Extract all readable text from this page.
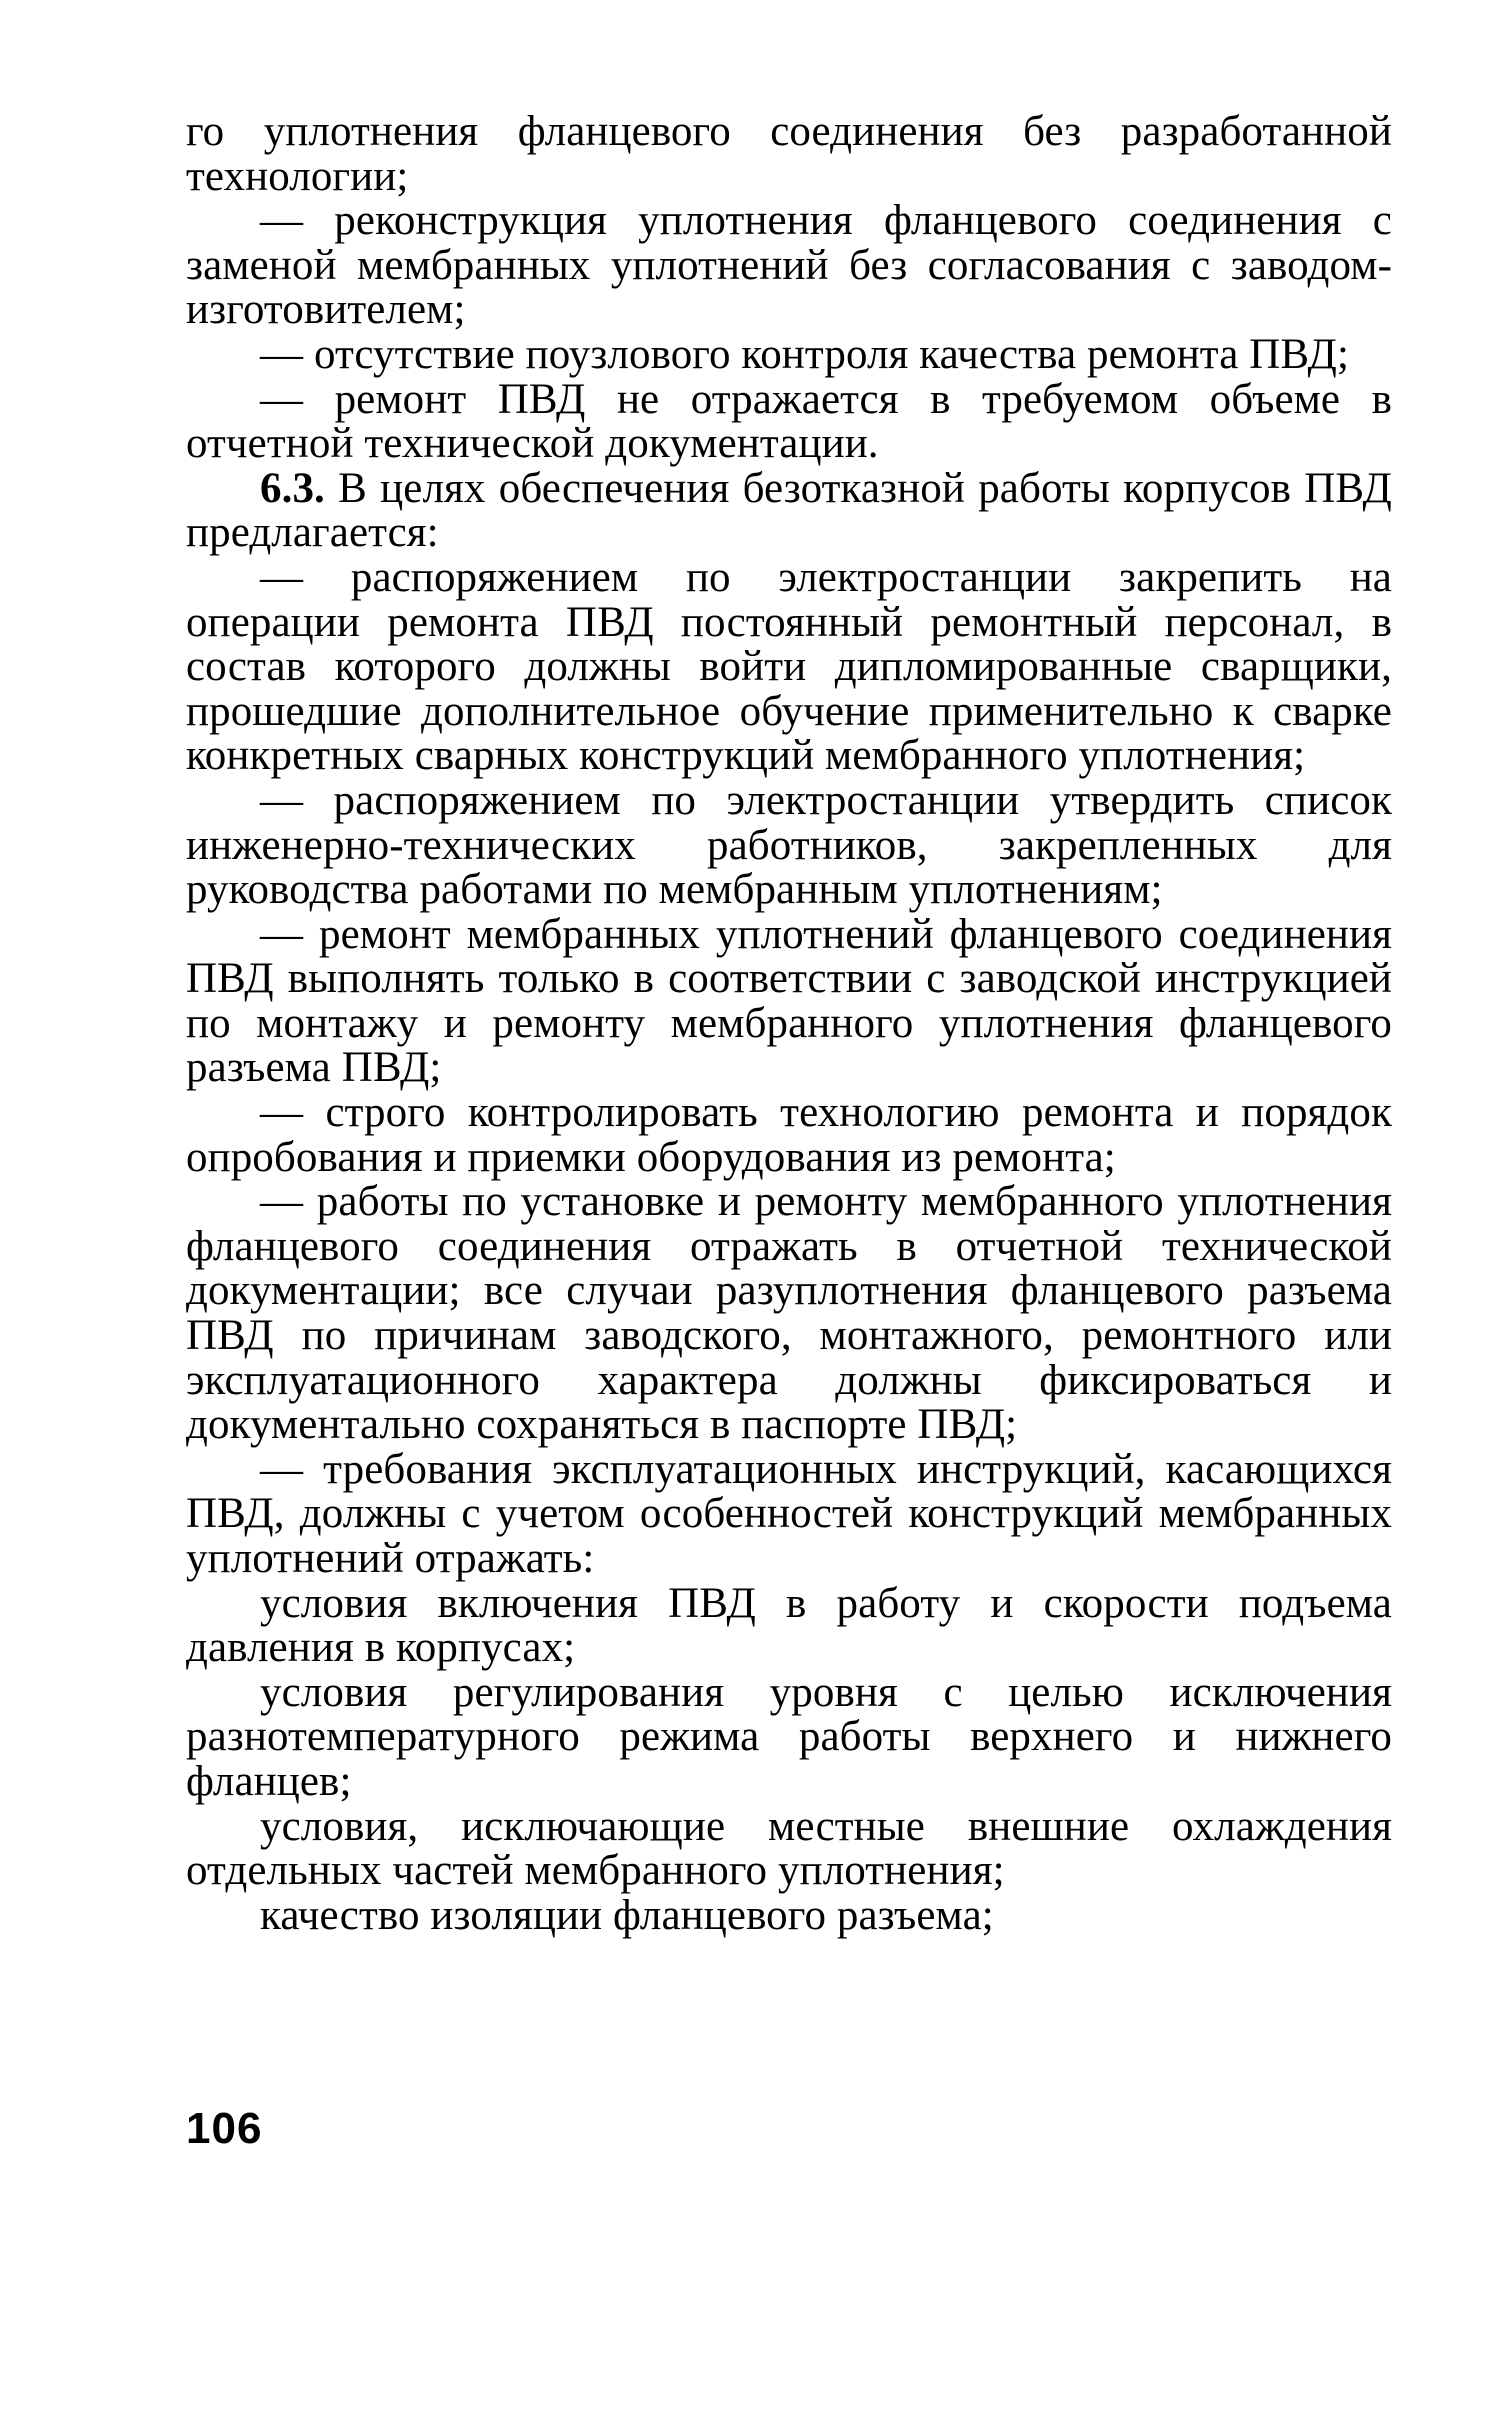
го уплотнения фланцевого соединения без разработанной технологии;

— реконструкция уплотнения фланцевого соединения с заменой мембранных уплотнений без согласования с заводом-изготовителем;

— отсутствие поузлового контроля качества ремонта ПВД;

— ремонт ПВД не отражается в требуемом объеме в отчетной технической документации.

6.3. В целях обеспечения безотказной работы корпусов ПВД предлагается:

— распоряжением по электростанции закрепить на операции ремонта ПВД постоянный ремонтный персонал, в состав которого должны войти дипломированные сварщики, прошедшие дополнительное обучение применительно к сварке конкретных сварных конструкций мембранного уплотнения;

— распоряжением по электростанции утвердить список инженерно-технических работников, закрепленных для руководства работами по мембранным уплотнениям;

— ремонт мембранных уплотнений фланцевого соединения ПВД выполнять только в соответствии с заводской инструкцией по монтажу и ремонту мембранного уплотнения фланцевого разъема ПВД;

— строго контролировать технологию ремонта и порядок опробования и приемки оборудования из ремонта;

— работы по установке и ремонту мембранного уплотнения фланцевого соединения отражать в отчетной технической документации; все случаи разуплотнения фланцевого разъема ПВД по причинам заводского, монтажного, ремонтного или эксплуатационного характера должны фиксироваться и документально сохраняться в паспорте ПВД;

— требования эксплуатационных инструкций, касающихся ПВД, должны с учетом особенностей конструкций мембранных уплотнений отражать:

условия включения ПВД в работу и скорости подъема давления в корпусах;

условия регулирования уровня с целью исключения разнотемпературного режима работы верхнего и нижнего фланцев;

условия, исключающие местные внешние охлаждения отдельных частей мембранного уплотнения;

качество изоляции фланцевого разъема;

106
